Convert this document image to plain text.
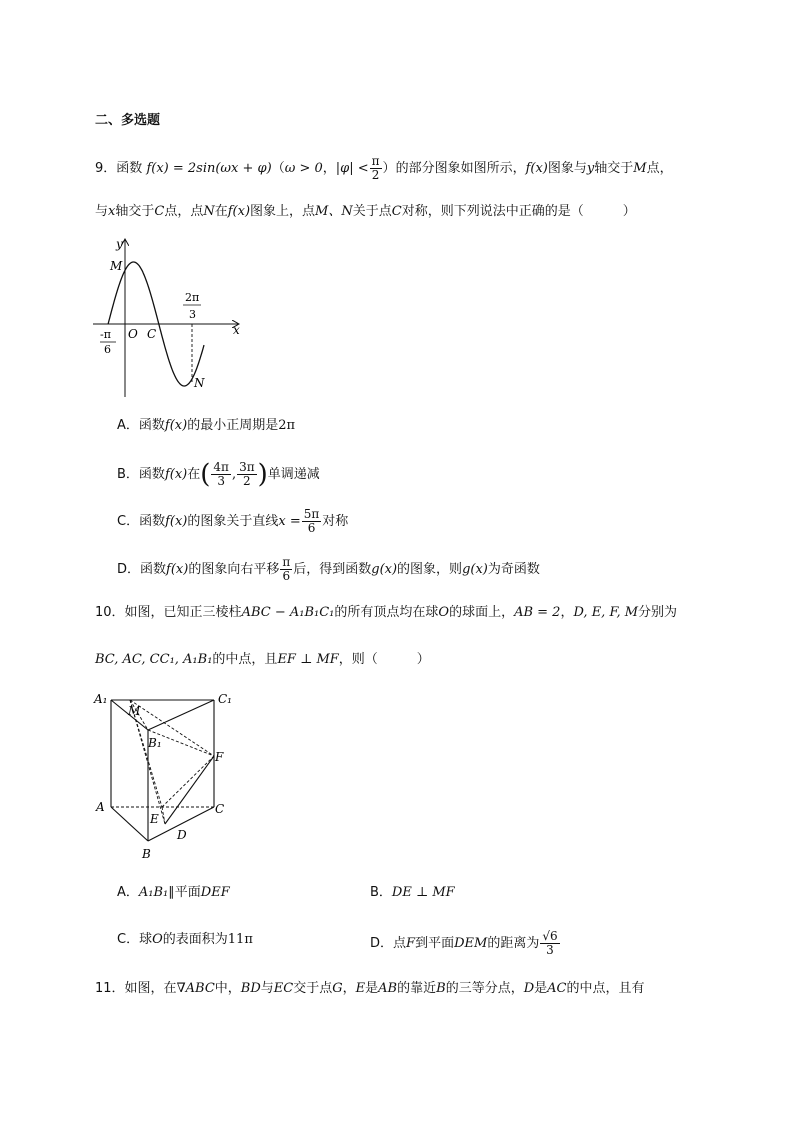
二、多选题
9．函数 f(x) = 2sin(ωx + φ)（ω > 0，$|\varphi| < \frac{\pi}{2}$ ）的部分图象如图所示，f(x)图象与y轴交于M点，
与x轴交于C点，点N在f(x)图象上，点M、N关于点C对称，则下列说法中正确的是（　　　）
y
M
2π
3
x
O C
-π
6
N
A．函数f(x)的最小正周期是2π
B．函数f(x)在( $\frac{4\pi}{3}$ , $\frac{3\pi}{2}$ )单调递减
C．函数f(x)的图象关于直线$x = \frac{5\pi}{6}$ 对称
D．函数f(x)的图象向右平移 $\frac{\pi}{6}$ 后，得到函数g(x)的图象，则g(x)为奇函数
10．如图，已知正三棱柱ABC − A₁B₁C₁的所有顶点均在球O的球面上，AB = 2，D, E, F, M分别为
BC, AC, CC₁, A₁B₁的中点，且EF ⊥ MF，则（　　　）
A₁
M
C₁
B₁
F
A	C
E
D
B
A．A₁B₁∥平面DEF	B．DE ⊥ MF
C．球O的表面积为11π	D．点F到平面DEM的距离为 $\frac{√6}{3}$
11．如图，在∇ABC中，BD与EC交于点G，E是AB的靠近B的三等分点，D是AC的中点，且有
